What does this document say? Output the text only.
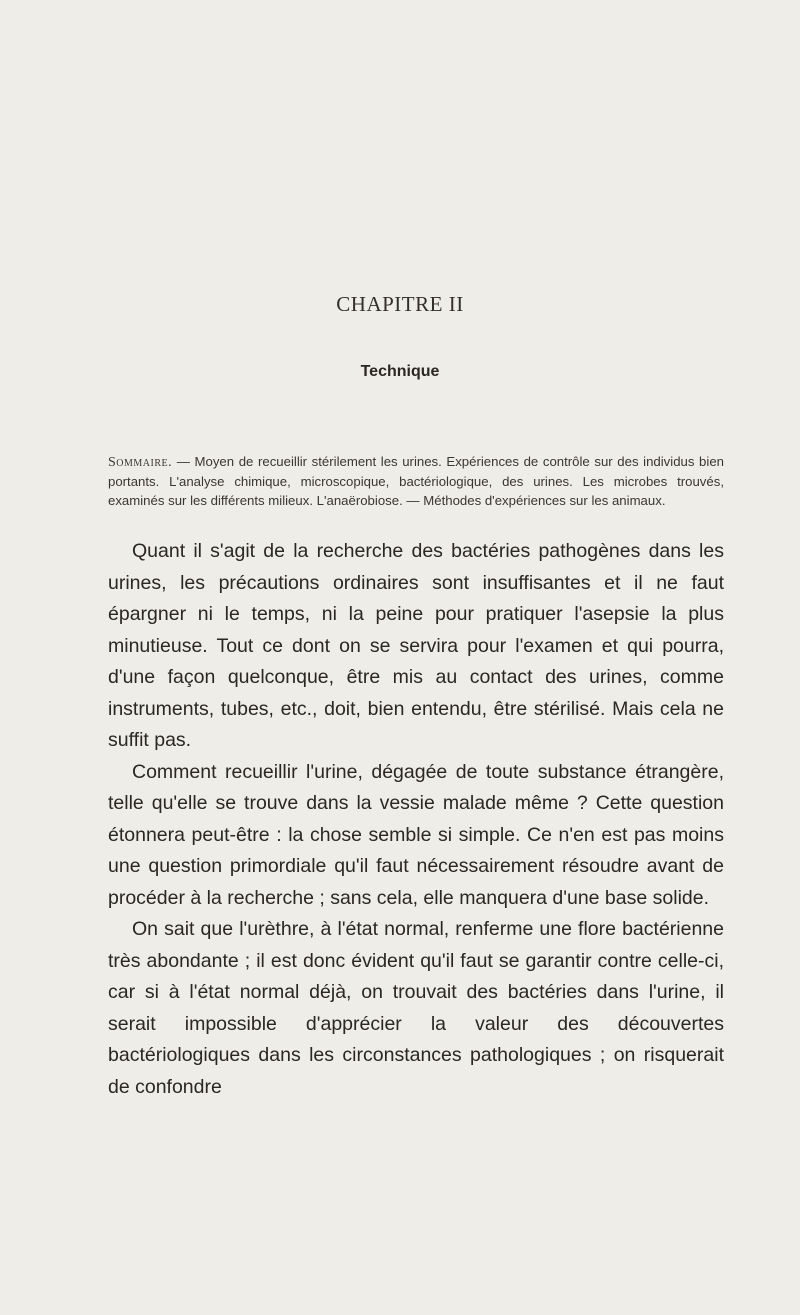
CHAPITRE II
Technique

Sommaire. — Moyen de recueillir stérilement les urines. Expériences de contrôle sur des individus bien portants. L'analyse chimique, microscopique, bactériologique, des urines. Les microbes trouvés, examinés sur les différents milieux. L'anaërobiose. — Méthodes d'expériences sur les animaux.

Quant il s'agit de la recherche des bactéries pathogènes dans les urines, les précautions ordinaires sont insuffisantes et il ne faut épargner ni le temps, ni la peine pour pratiquer l'asepsie la plus minutieuse. Tout ce dont on se servira pour l'examen et qui pourra, d'une façon quelconque, être mis au contact des urines, comme instruments, tubes, etc., doit, bien entendu, être stérilisé. Mais cela ne suffit pas.

Comment recueillir l'urine, dégagée de toute substance étrangère, telle qu'elle se trouve dans la vessie malade même ? Cette question étonnera peut-être : la chose semble si simple. Ce n'en est pas moins une question primordiale qu'il faut nécessairement résoudre avant de procéder à la recherche ; sans cela, elle manquera d'une base solide.

On sait que l'urèthre, à l'état normal, renferme une flore bactérienne très abondante ; il est donc évident qu'il faut se garantir contre celle-ci, car si à l'état normal déjà, on trouvait des bactéries dans l'urine, il serait impossible d'apprécier la valeur des découvertes bactériologiques dans les circonstances pathologiques ; on risquerait de confondre
